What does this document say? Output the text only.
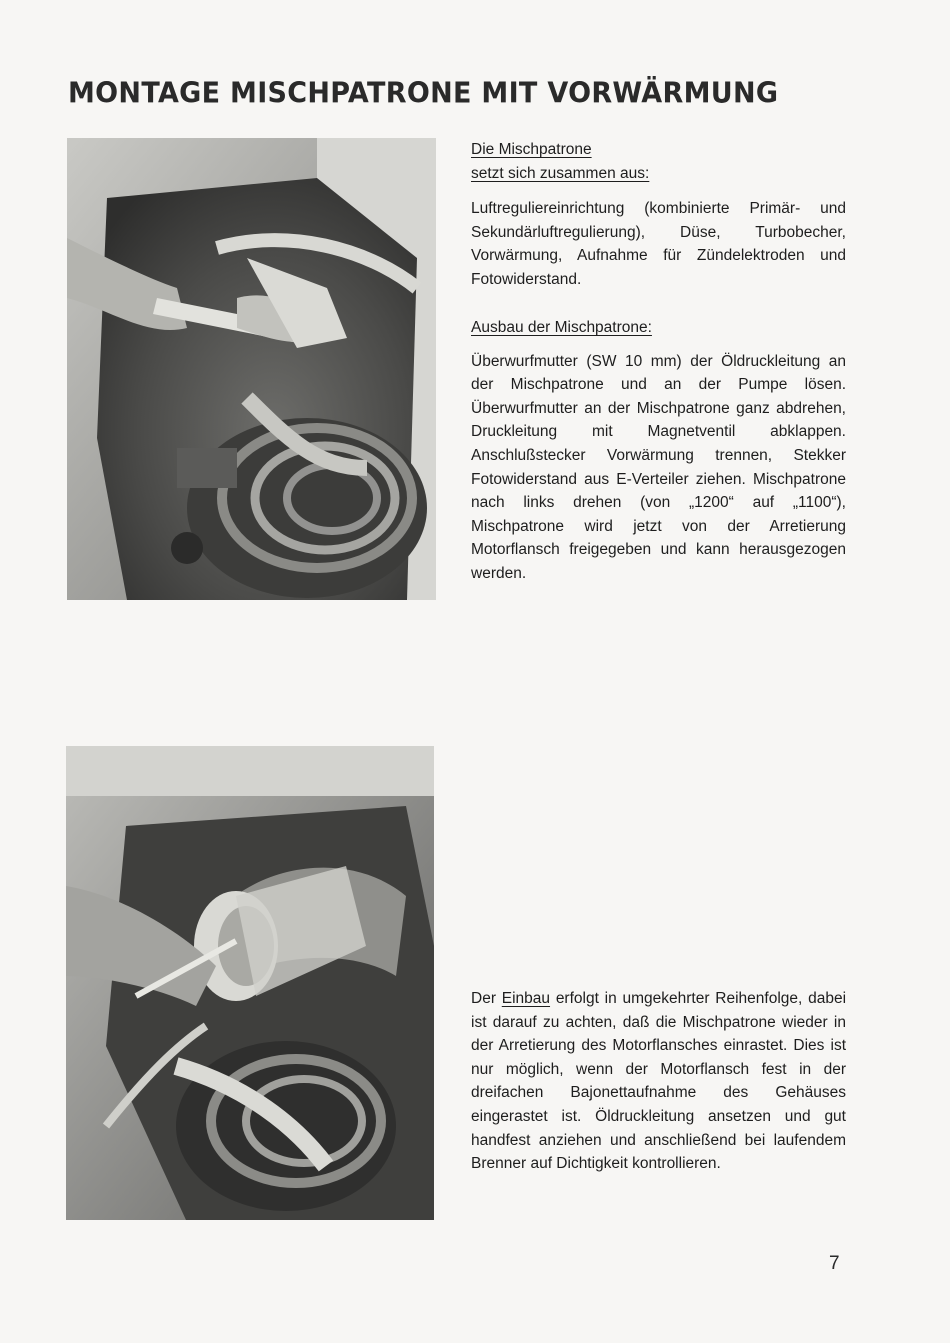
MONTAGE MISCHPATRONE MIT VORWÄRMUNG
Die Mischpatrone
setzt sich zusammen aus:
Luftreguliereinrichtung (kombinierte Primär- und Sekundärluftregulierung), Düse, Turbobecher, Vorwärmung, Aufnahme für Zündelektroden und Fotowiderstand.
Ausbau der Mischpatrone:
Überwurfmutter (SW 10 mm) der Öldruckleitung an der Mischpatrone und an der Pumpe lösen. Überwurfmutter an der Mischpatrone ganz abdrehen, Druckleitung mit Magnetventil abklappen. Anschlußstecker Vorwärmung trennen, Stekker Fotowiderstand aus E-Verteiler ziehen. Mischpatrone nach links drehen (von „1200“ auf „1100“), Mischpatrone wird jetzt von der Arretierung Motorflansch freigegeben und kann herausgezogen werden.
Der Einbau erfolgt in umgekehrter Reihenfolge, dabei ist darauf zu achten, daß die Mischpatrone wieder in der Arretierung des Motorflansches einrastet. Dies ist nur möglich, wenn der Motorflansch fest in der dreifachen Bajonettaufnahme des Gehäuses eingerastet ist. Öldruckleitung ansetzen und gut handfest anziehen und anschließend bei laufendem Brenner auf Dichtigkeit kontrollieren.
7
